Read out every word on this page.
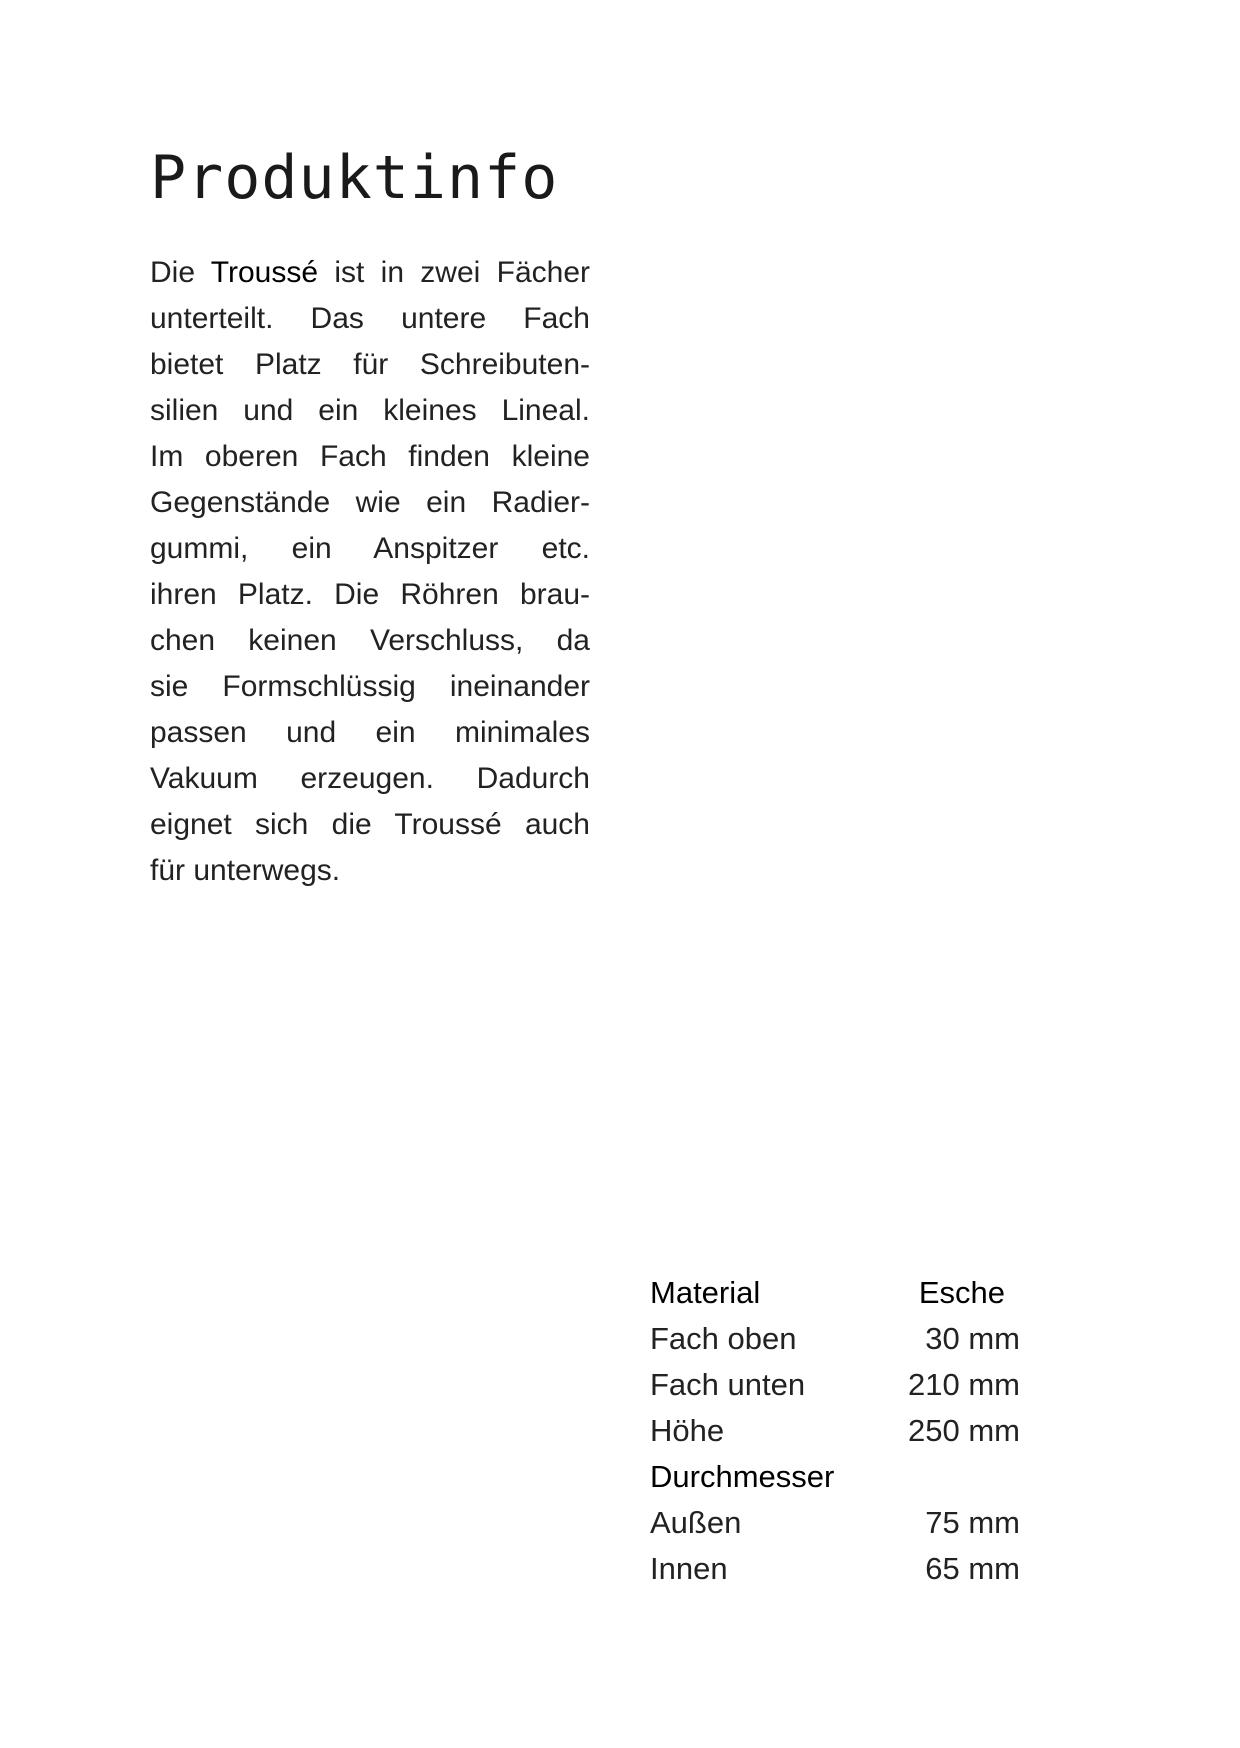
Produktinfo
Die Troussé ist in zwei Fächer
unterteilt. Das untere Fach
bietet Platz für Schreibuten-
silien und ein kleines Lineal.
Im oberen Fach finden kleine
Gegenstände wie ein Radier-
gummi, ein Anspitzer etc.
ihren Platz. Die Röhren brau-
chen keinen Verschluss, da
sie Formschlüssig ineinander
passen und ein minimales
Vakuum erzeugen. Dadurch
eignet sich die Troussé auch
für unterwegs.
Material	Esche
Fach oben	30 mm
Fach unten	210 mm
Höhe	250 mm
Durchmesser
Außen	75 mm
Innen	65 mm
